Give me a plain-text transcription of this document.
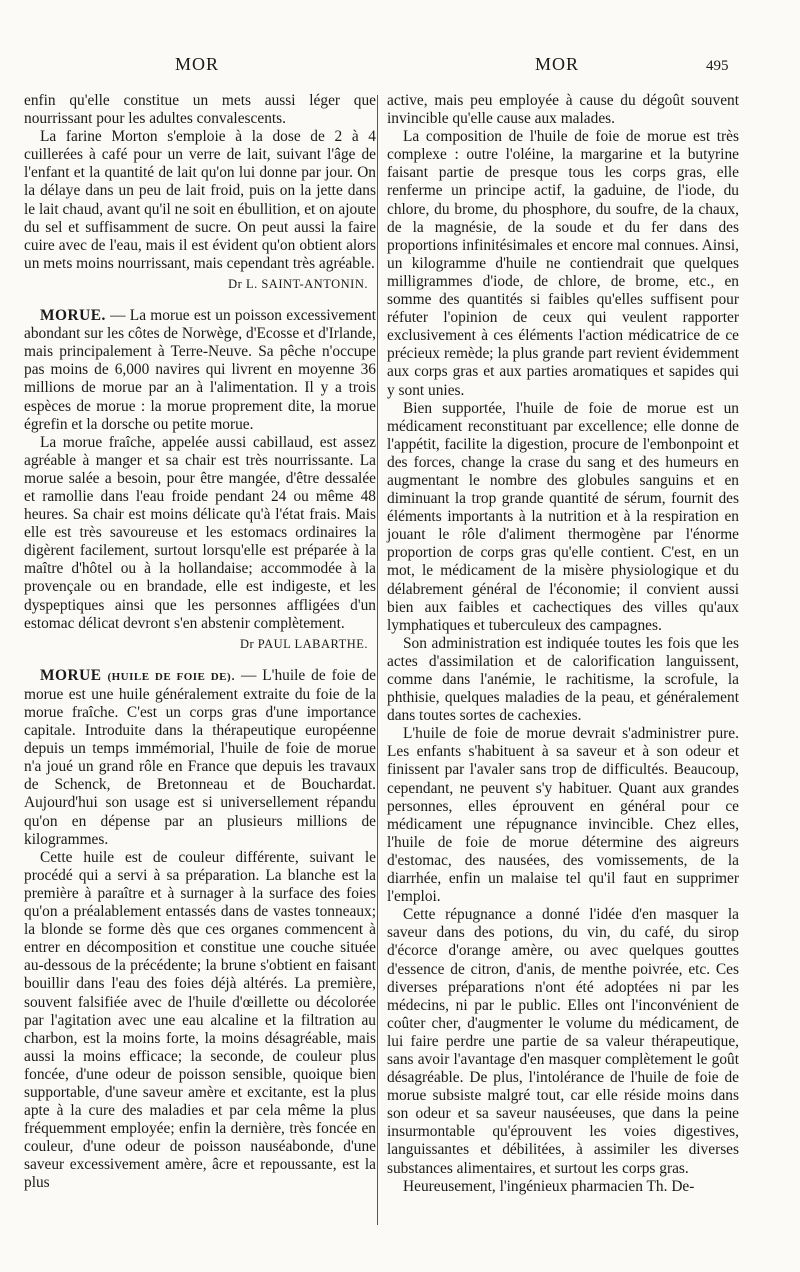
MOR	MOR	495

enfin qu'elle constitue un mets aussi léger que nourrissant pour les adultes convalescents.

La farine Morton s'emploie à la dose de 2 à 4 cuillerées à café pour un verre de lait, suivant l'âge de l'enfant et la quantité de lait qu'on lui donne par jour. On la délaye dans un peu de lait froid, puis on la jette dans le lait chaud, avant qu'il ne soit en ébullition, et on ajoute du sel et suffisamment de sucre. On peut aussi la faire cuire avec de l'eau, mais il est évident qu'on obtient alors un mets moins nourrissant, mais cependant très agréable.

Dr L. SAINT-ANTONIN.

MORUE. — La morue est un poisson excessivement abondant sur les côtes de Norwège, d'Ecosse et d'Irlande, mais principalement à Terre-Neuve. Sa pêche n'occupe pas moins de 6,000 navires qui livrent en moyenne 36 millions de morue par an à l'alimentation. Il y a trois espèces de morue : la morue proprement dite, la morue égrefin et la dorsche ou petite morue.

La morue fraîche, appelée aussi cabillaud, est assez agréable à manger et sa chair est très nourrissante. La morue salée a besoin, pour être mangée, d'être dessalée et ramollie dans l'eau froide pendant 24 ou même 48 heures. Sa chair est moins délicate qu'à l'état frais. Mais elle est très savoureuse et les estomacs ordinaires la digèrent facilement, surtout lorsqu'elle est préparée à la maître d'hôtel ou à la hollandaise; accommodée à la provençale ou en brandade, elle est indigeste, et les dyspeptiques ainsi que les personnes affligées d'un estomac délicat devront s'en abstenir complètement.

Dr PAUL LABARTHE.

MORUE (HUILE DE FOIE DE). — L'huile de foie de morue est une huile généralement extraite du foie de la morue fraîche. C'est un corps gras d'une importance capitale. Introduite dans la thérapeutique européenne depuis un temps immémorial, l'huile de foie de morue n'a joué un grand rôle en France que depuis les travaux de Schenck, de Bretonneau et de Bouchardat. Aujourd'hui son usage est si universellement répandu qu'on en dépense par an plusieurs millions de kilogrammes.

Cette huile est de couleur différente, suivant le procédé qui a servi à sa préparation. La blanche est la première à paraître et à surnager à la surface des foies qu'on a préalablement entassés dans de vastes tonneaux; la blonde se forme dès que ces organes commencent à entrer en décomposition et constitue une couche située au-dessous de la précédente; la brune s'obtient en faisant bouillir dans l'eau des foies déjà altérés. La première, souvent falsifiée avec de l'huile d'œillette ou décolorée par l'agitation avec une eau alcaline et la filtration au charbon, est la moins forte, la moins désagréable, mais aussi la moins efficace; la seconde, de couleur plus foncée, d'une odeur de poisson sensible, quoique bien supportable, d'une saveur amère et excitante, est la plus apte à la cure des maladies et par cela même la plus fréquemment employée; enfin la dernière, très foncée en couleur, d'une odeur de poisson nauséabonde, d'une saveur excessivement amère, âcre et repoussante, est la plus

active, mais peu employée à cause du dégoût souvent invincible qu'elle cause aux malades.

La composition de l'huile de foie de morue est très complexe : outre l'oléine, la margarine et la butyrine faisant partie de presque tous les corps gras, elle renferme un principe actif, la gaduine, de l'iode, du chlore, du brome, du phosphore, du soufre, de la chaux, de la magnésie, de la soude et du fer dans des proportions infinitésimales et encore mal connues. Ainsi, un kilogramme d'huile ne contiendrait que quelques milligrammes d'iode, de chlore, de brome, etc., en somme des quantités si faibles qu'elles suffisent pour réfuter l'opinion de ceux qui veulent rapporter exclusivement à ces éléments l'action médicatrice de ce précieux remède; la plus grande part revient évidemment aux corps gras et aux parties aromatiques et sapides qui y sont unies.

Bien supportée, l'huile de foie de morue est un médicament reconstituant par excellence; elle donne de l'appétit, facilite la digestion, procure de l'embonpoint et des forces, change la crase du sang et des humeurs en augmentant le nombre des globules sanguins et en diminuant la trop grande quantité de sérum, fournit des éléments importants à la nutrition et à la respiration en jouant le rôle d'aliment thermogène par l'énorme proportion de corps gras qu'elle contient. C'est, en un mot, le médicament de la misère physiologique et du délabrement général de l'économie; il convient aussi bien aux faibles et cachectiques des villes qu'aux lymphatiques et tuberculeux des campagnes.

Son administration est indiquée toutes les fois que les actes d'assimilation et de calorification languissent, comme dans l'anémie, le rachitisme, la scrofule, la phthisie, quelques maladies de la peau, et généralement dans toutes sortes de cachexies.

L'huile de foie de morue devrait s'administrer pure. Les enfants s'habituent à sa saveur et à son odeur et finissent par l'avaler sans trop de difficultés. Beaucoup, cependant, ne peuvent s'y habituer. Quant aux grandes personnes, elles éprouvent en général pour ce médicament une répugnance invincible. Chez elles, l'huile de foie de morue détermine des aigreurs d'estomac, des nausées, des vomissements, de la diarrhée, enfin un malaise tel qu'il faut en supprimer l'emploi.

Cette répugnance a donné l'idée d'en masquer la saveur dans des potions, du vin, du café, du sirop d'écorce d'orange amère, ou avec quelques gouttes d'essence de citron, d'anis, de menthe poivrée, etc. Ces diverses préparations n'ont été adoptées ni par les médecins, ni par le public. Elles ont l'inconvénient de coûter cher, d'augmenter le volume du médicament, de lui faire perdre une partie de sa valeur thérapeutique, sans avoir l'avantage d'en masquer complètement le goût désagréable. De plus, l'intolérance de l'huile de foie de morue subsiste malgré tout, car elle réside moins dans son odeur et sa saveur nauséeuses, que dans la peine insurmontable qu'éprouvent les voies digestives, languissantes et débilitées, à assimiler les diverses substances alimentaires, et surtout les corps gras.

Heureusement, l'ingénieux pharmacien Th. De-
